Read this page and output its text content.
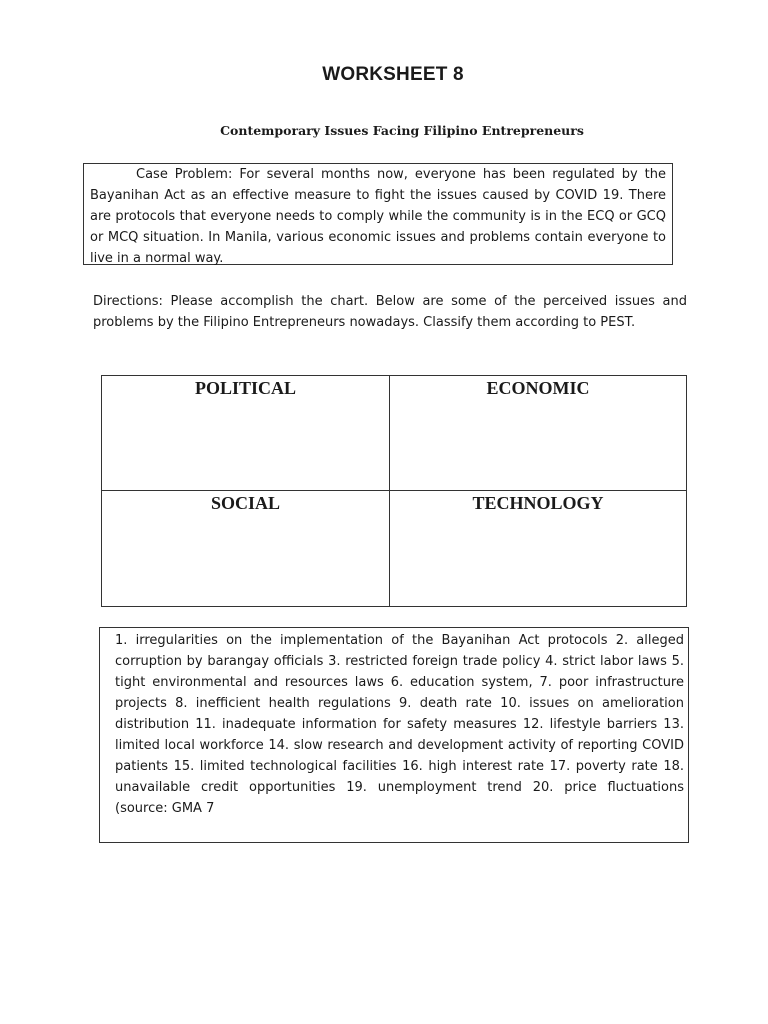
WORKSHEET 8
Contemporary Issues Facing Filipino Entrepreneurs
Case Problem: For several months now, everyone has been regulated by the Bayanihan Act as an effective measure to fight the issues caused by COVID 19. There are protocols that everyone needs to comply while the community is in the ECQ or GCQ or MCQ situation. In Manila, various economic issues and problems contain everyone to live in a normal way.
Directions: Please accomplish the chart. Below are some of the perceived issues and problems by the Filipino Entrepreneurs nowadays. Classify them according to PEST.
POLITICAL	ECONOMIC
SOCIAL	TECHNOLOGY
1. irregularities on the implementation of the Bayanihan Act protocols 2. alleged corruption by barangay officials 3. restricted foreign trade policy 4. strict labor laws 5. tight environmental and resources laws 6. education system, 7. poor infrastructure projects 8. inefficient health regulations 9. death rate 10. issues on amelioration distribution 11. inadequate information for safety measures 12. lifestyle barriers 13. limited local workforce 14. slow research and development activity of reporting COVID patients 15. limited technological facilities 16. high interest rate 17. poverty rate 18. unavailable credit opportunities 19. unemployment trend 20. price fluctuations (source: GMA 7
